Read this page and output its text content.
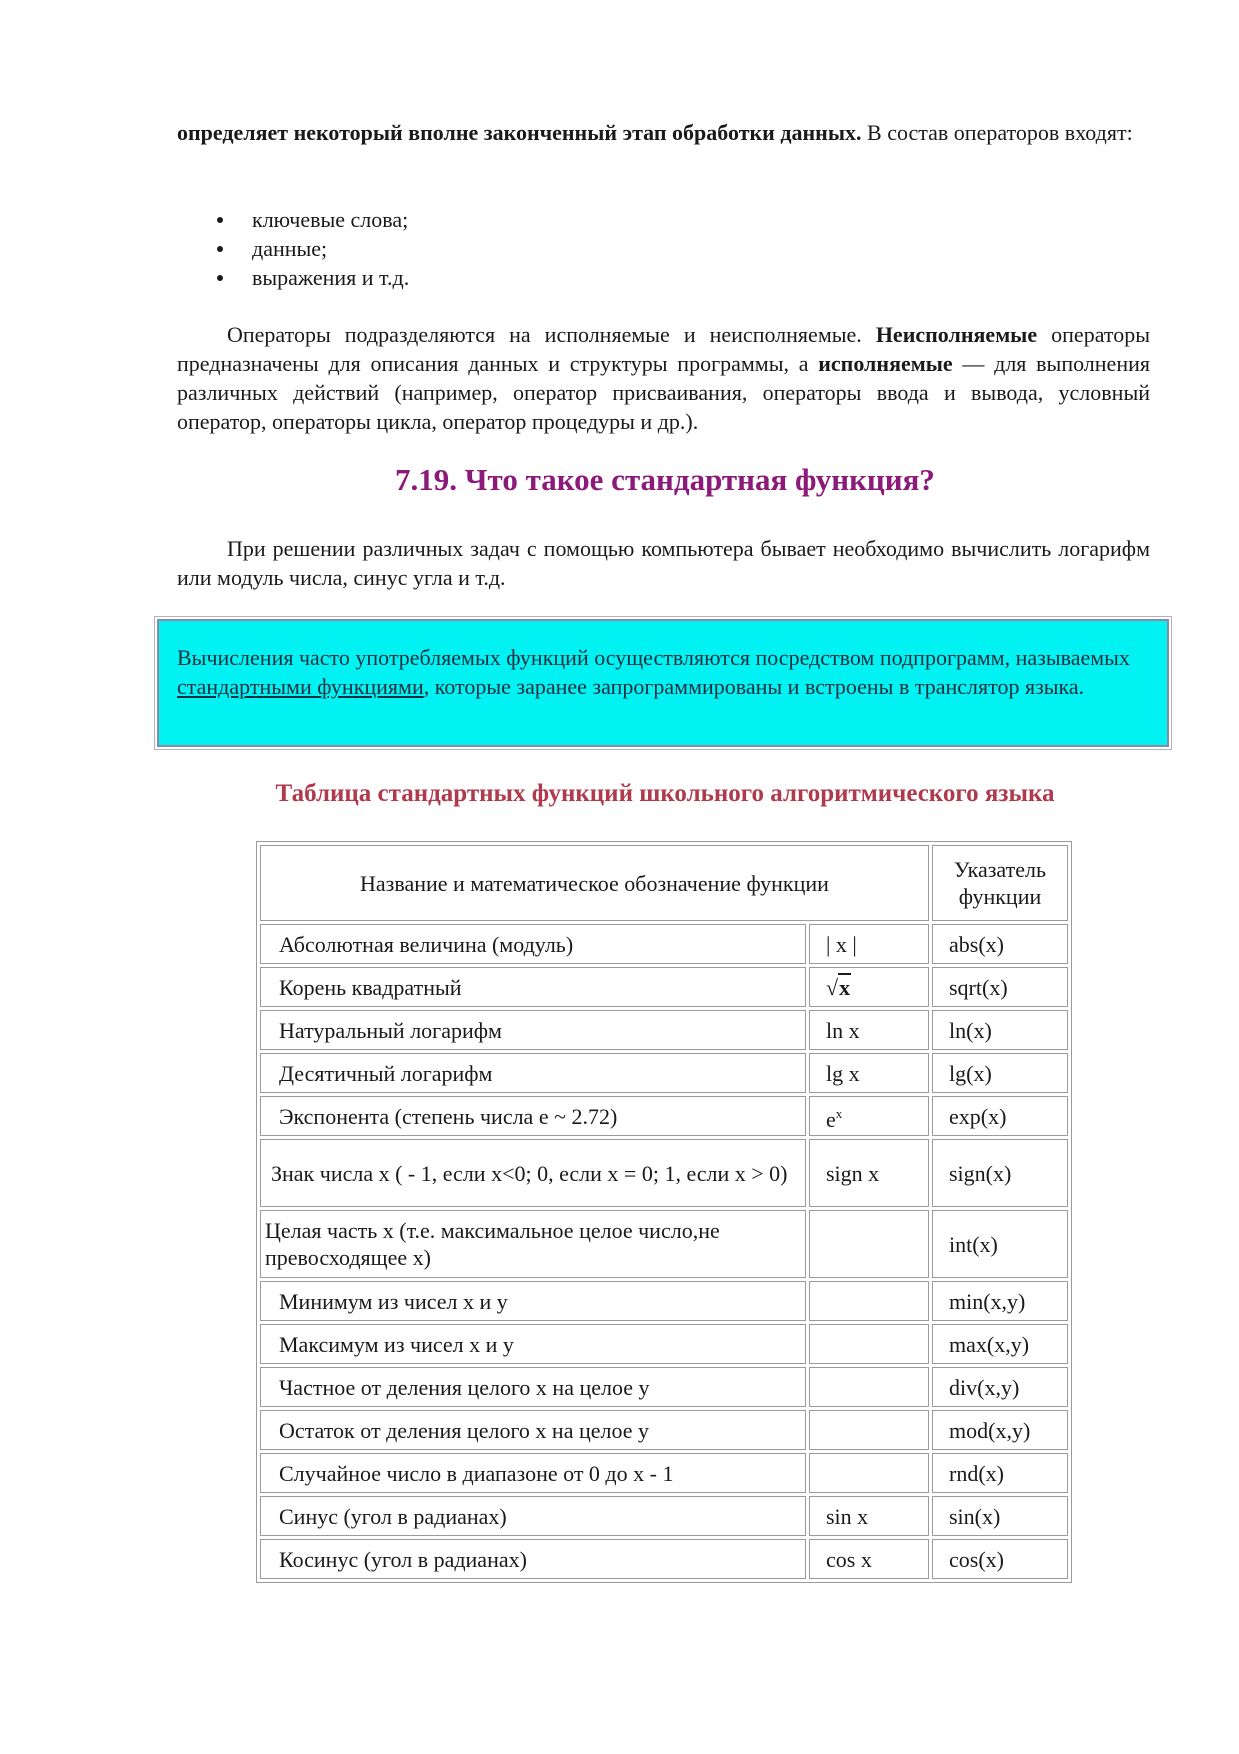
определяет некоторый вполне законченный этап обработки данных. В состав операторов входят:

ключевые слова;
данные;
выражения и т.д.

Операторы подразделяются на исполняемые и неисполняемые. Неисполняемые операторы предназначены для описания данных и структуры программы, а исполняемые — для выполнения различных действий (например, оператор присваивания, операторы ввода и вывода, условный оператор, операторы цикла, оператор процедуры и др.).

7.19. Что такое стандартная функция?

При решении различных задач с помощью компьютера бывает необходимо вычислить логарифм или модуль числа, синус угла и т.д.

Вычисления часто употребляемых функций осуществляются посредством подпрограмм, называемых стандартными функциями, которые заранее запрограммированы и встроены в транслятор языка.

Таблица стандартных функций школьного алгоритмического языка
Название и математическое обозначение функции		Указатель функции
Абсолютная величина (модуль)	| x |	abs(x)
Корень квадратный	√x	sqrt(x)
Натуральный логарифм	ln x	ln(x)
Десятичный логарифм	lg x	lg(x)
Экспонента (степень числа е ~ 2.72)	$e^x$	exp(x)
Знак числа x ( - 1, если x<0; 0, если x = 0; 1, если x > 0)	sign x	sign(x)
Целая часть x (т.е. максимальное целое число,не превосходящее x)		int(x)
Минимум из чисел x и y		min(x,y)
Максимум из чисел x и y		max(x,y)
Частное от деления целого x на целое y		div(x,y)
Остаток от деления целого x на целое y		mod(x,y)
Случайное число в диапазоне от 0 до x - 1		rnd(x)
Синус (угол в радианах)	sin x	sin(x)
Косинус (угол в радианах)	cos x	cos(x)
